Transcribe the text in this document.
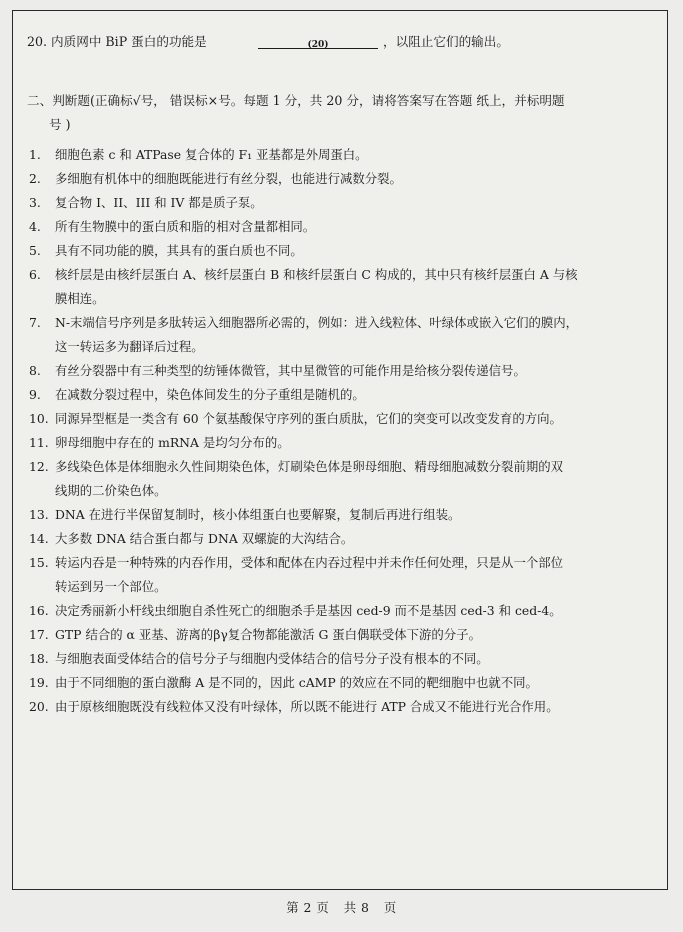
20. 内质网中 BiP 蛋白的功能是	(20)	，以阻止它们的输出。
二、判断题(正确标√号， 错误标×号。每题 1 分，共 20 分，请将答案写在答题 纸上，并标明题
号 )
1. 细胞色素 c 和 ATPase 复合体的 F₁ 亚基都是外周蛋白。
2. 多细胞有机体中的细胞既能进行有丝分裂，也能进行减数分裂。
3. 复合物 I、II、III 和 IV 都是质子泵。
4. 所有生物膜中的蛋白质和脂的相对含量都相同。
5. 具有不同功能的膜，其具有的蛋白质也不同。
6. 核纤层是由核纤层蛋白 A、核纤层蛋白 B 和核纤层蛋白 C 构成的，其中只有核纤层蛋白 A 与核
膜相连。
7. N-末端信号序列是多肽转运入细胞器所必需的，例如：进入线粒体、叶绿体或嵌入它们的膜内，
这一转运多为翻译后过程。
8. 有丝分裂器中有三种类型的纺锤体微管，其中星微管的可能作用是给核分裂传递信号。
9. 在减数分裂过程中，染色体间发生的分子重组是随机的。
10. 同源异型框是一类含有 60 个氨基酸保守序列的蛋白质肽，它们的突变可以改变发育的方向。
11. 卵母细胞中存在的 mRNA 是均匀分布的。
12. 多线染色体是体细胞永久性间期染色体，灯刷染色体是卵母细胞、精母细胞减数分裂前期的双
线期的二价染色体。
13. DNA 在进行半保留复制时，核小体组蛋白也要解聚，复制后再进行组装。
14. 大多数 DNA 结合蛋白都与 DNA 双螺旋的大沟结合。
15. 转运内吞是一种特殊的内吞作用，受体和配体在内吞过程中并未作任何处理，只是从一个部位
转运到另一个部位。
16. 决定秀丽新小杆线虫细胞自杀性死亡的细胞杀手是基因 ced-9 而不是基因 ced-3 和 ced-4。
17. GTP 结合的 α 亚基、游离的βγ复合物都能激活 G 蛋白偶联受体下游的分子。
18. 与细胞表面受体结合的信号分子与细胞内受体结合的信号分子没有根本的不同。
19. 由于不同细胞的蛋白激酶 A 是不同的，因此 cAMP 的效应在不同的靶细胞中也就不同。
20. 由于原核细胞既没有线粒体又没有叶绿体，所以既不能进行 ATP 合成又不能进行光合作用。
第 2 页 共 8 页
